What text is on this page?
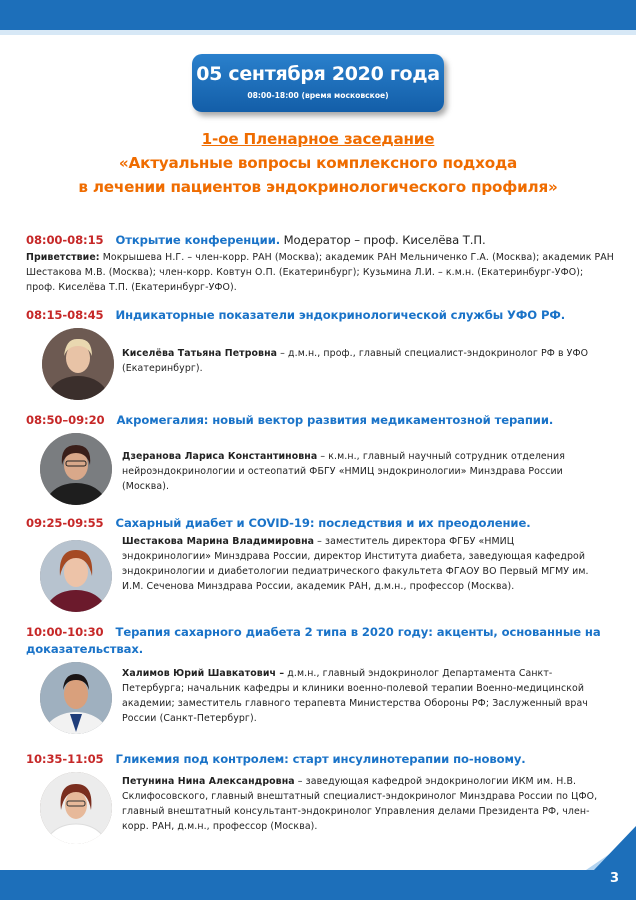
05 сентября 2020 года
08:00-18:00 (время московское)
1-ое Пленарное заседание
«Актуальные вопросы комплексного подхода
в лечении пациентов эндокринологического профиля»
08:00-08:15 Открытие конференции. Модератор – проф. Киселёва Т.П.
Приветствие: Мокрышева Н.Г. – член-корр. РАН (Москва); академик РАН Мельниченко Г.А. (Москва); академик РАН Шестакова М.В. (Москва); член-корр. Ковтун О.П. (Екатеринбург); Кузьмина Л.И. – к.м.н. (Екатеринбург-УФО); проф. Киселёва Т.П. (Екатеринбург-УФО).
08:15-08:45 Индикаторные показатели эндокринологической службы УФО РФ.
Киселёва Татьяна Петровна – д.м.н., проф., главный специалист-эндокринолог РФ в УФО (Екатеринбург).
08:50–09:20 Акромегалия: новый вектор развития медикаментозной терапии.
Дзеранова Лариса Константиновна – к.м.н., главный научный сотрудник отделения нейроэндокринологии и остеопатий ФБГУ «НМИЦ эндокринологии» Минздрава России (Москва).
09:25-09:55 Сахарный диабет и COVID-19: последствия и их преодоление.
Шестакова Марина Владимировна – заместитель директора ФГБУ «НМИЦ эндокринологии» Минздрава России, директор Института диабета, заведующая кафедрой эндокринологии и диабетологии педиатрического факультета ФГАОУ ВО Первый МГМУ им. И.М. Сеченова Минздрава России, академик РАН, д.м.н., профессор (Москва).
10:00-10:30 Терапия сахарного диабета 2 типа в 2020 году: акценты, основанные на доказательствах.
Халимов Юрий Шавкатович – д.м.н., главный эндокринолог Департамента Санкт-Петербурга; начальник кафедры и клиники военно-полевой терапии Военно-медицинской академии; заместитель главного терапевта Министерства Обороны РФ; Заслуженный врач России (Санкт-Петербург).
10:35-11:05 Гликемия под контролем: старт инсулинотерапии по-новому.
Петунина Нина Александровна – заведующая кафедрой эндокринологии ИКМ им. Н.В. Склифосовского, главный внештатный специалист-эндокринолог Минздрава России по ЦФО, главный внештатный консультант-эндокринолог Управления делами Президента РФ, член-корр. РАН, д.м.н., профессор (Москва).
3
